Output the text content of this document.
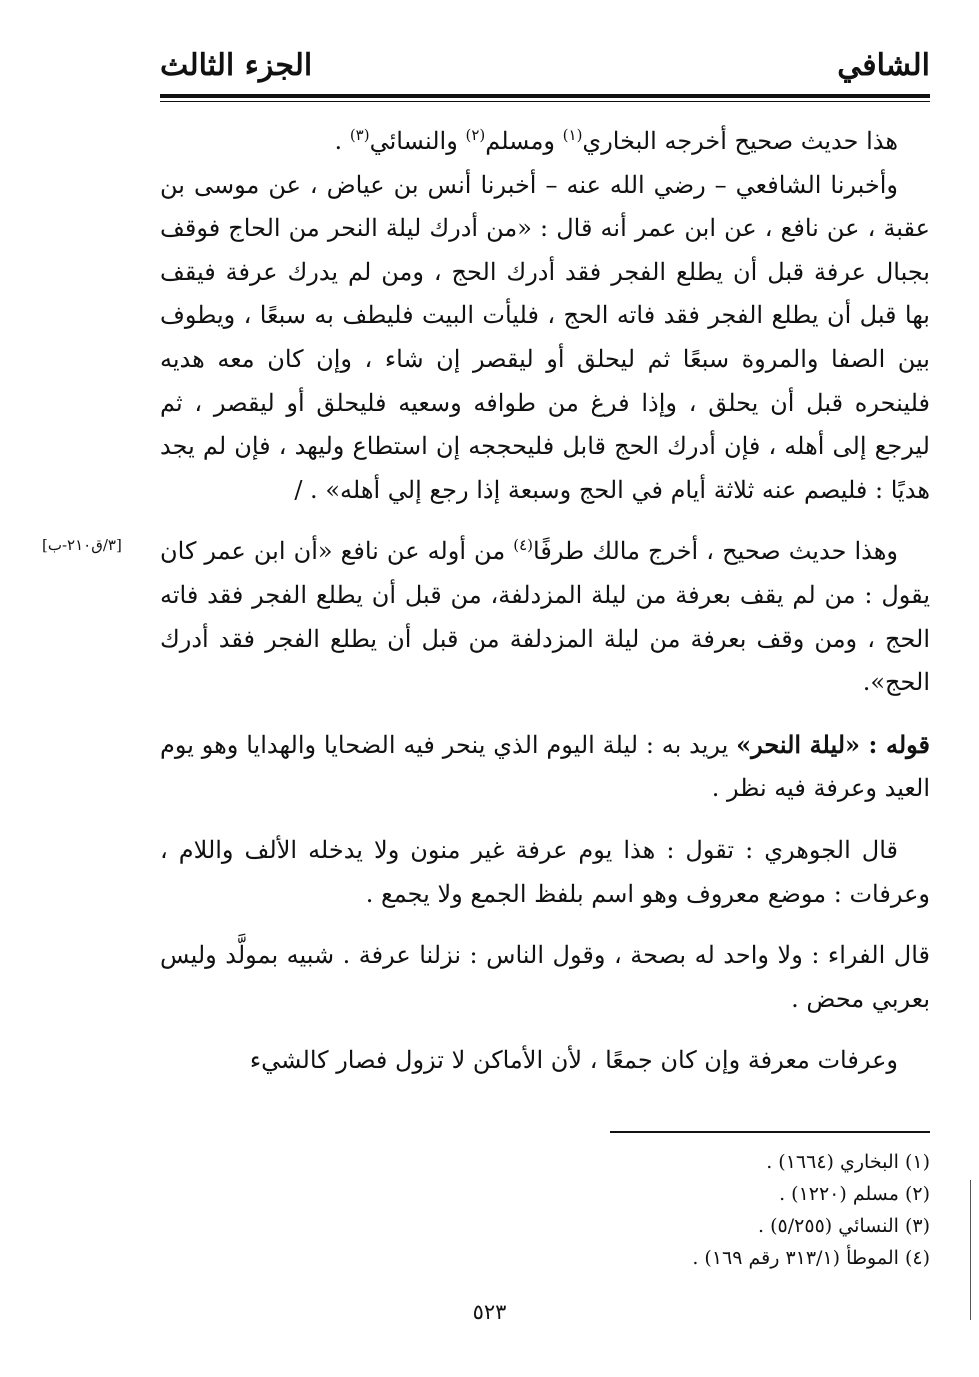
الشافي
الجزء الثالث

هذا حديث صحيح أخرجه البخاري$^{(١)}$ ومسلم$^{(٢)}$ والنسائي$^{(٣)}$ .

وأخبرنا الشافعي – رضي الله عنه – أخبرنا أنس بن عياض ، عن موسى بن عقبة ، عن نافع ، عن ابن عمر أنه قال : «من أدرك ليلة النحر من الحاج فوقف بجبال عرفة قبل أن يطلع الفجر فقد أدرك الحج ، ومن لم يدرك عرفة فيقف بها قبل أن يطلع الفجر فقد فاته الحج ، فليأت البيت فليطف به سبعًا ، ويطوف بين الصفا والمروة سبعًا ثم ليحلق أو ليقصر إن شاء ، وإن كان معه هديه فلينحره قبل أن يحلق ، وإذا فرغ من طوافه وسعيه فليحلق أو ليقصر ، ثم ليرجع إلى أهله ، فإن أدرك الحج قابل فليحججه إن استطاع وليهد ، فإن لم يجد هديًا : فليصم عنه ثلاثة أيام في الحج وسبعة إذا رجع إلي أهله» . /

وهذا حديث صحيح ، أخرج مالك طرفًا$^{(٤)}$ من أوله عن نافع «أن ابن عمر كان يقول : من لم يقف بعرفة من ليلة المزدلفة، من قبل أن يطلع الفجر فقد فاته الحج ، ومن وقف بعرفة من ليلة المزدلفة من قبل أن يطلع الفجر فقد أدرك الحج».

قوله : «ليلة النحر» يريد به : ليلة اليوم الذي ينحر فيه الضحايا والهدايا وهو يوم العيد وعرفة فيه نظر .

قال الجوهري : تقول : هذا يوم عرفة غير منون ولا يدخله الألف واللام ، وعرفات : موضع معروف وهو اسم بلفظ الجمع ولا يجمع .

قال الفراء : ولا واحد له بصحة ، وقول الناس : نزلنا عرفة . شبيه بمولَّد وليس بعربي محض .

وعرفات معرفة وإن كان جمعًا ، لأن الأماكن لا تزول فصار كالشيء

[٣/ق٢١٠-ب]
(١) البخاري (١٦٦٤) .
(٢) مسلم (١٢٢٠) .
(٣) النسائي (٥/٢٥٥) .
(٤) الموطأ (٣١٣/١ رقم ١٦٩) .
٥٢٣
